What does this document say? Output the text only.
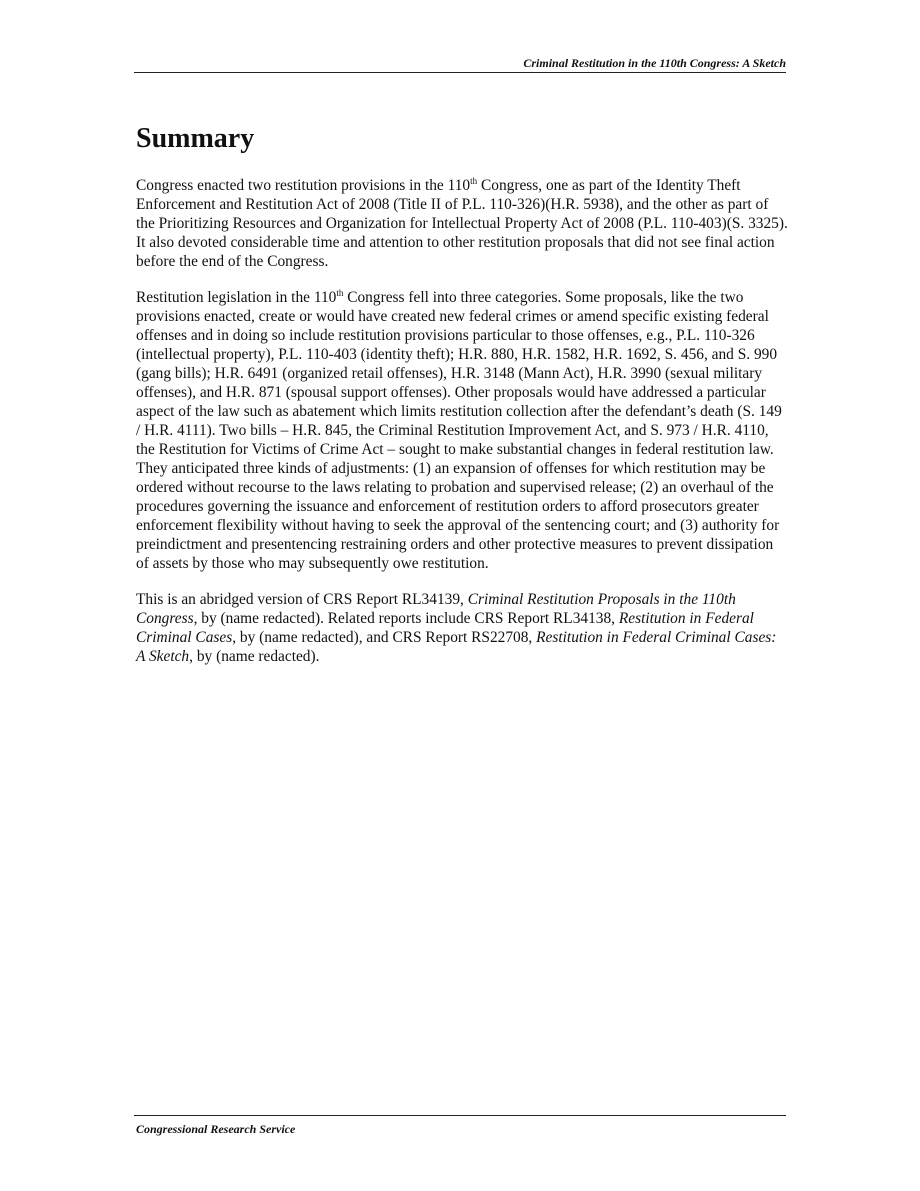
Criminal Restitution in the 110th Congress: A Sketch
Summary

Congress enacted two restitution provisions in the 110th Congress, one as part of the Identity Theft Enforcement and Restitution Act of 2008 (Title II of P.L. 110-326)(H.R. 5938), and the other as part of the Prioritizing Resources and Organization for Intellectual Property Act of 2008 (P.L. 110-403)(S. 3325). It also devoted considerable time and attention to other restitution proposals that did not see final action before the end of the Congress.

Restitution legislation in the 110th Congress fell into three categories. Some proposals, like the two provisions enacted, create or would have created new federal crimes or amend specific existing federal offenses and in doing so include restitution provisions particular to those offenses, e.g., P.L. 110-326 (intellectual property), P.L. 110-403 (identity theft); H.R. 880, H.R. 1582, H.R. 1692, S. 456, and S. 990 (gang bills); H.R. 6491 (organized retail offenses), H.R. 3148 (Mann Act), H.R. 3990 (sexual military offenses), and H.R. 871 (spousal support offenses). Other proposals would have addressed a particular aspect of the law such as abatement which limits restitution collection after the defendant’s death (S. 149 / H.R. 4111). Two bills – H.R. 845, the Criminal Restitution Improvement Act, and S. 973 / H.R. 4110, the Restitution for Victims of Crime Act – sought to make substantial changes in federal restitution law. They anticipated three kinds of adjustments: (1) an expansion of offenses for which restitution may be ordered without recourse to the laws relating to probation and supervised release; (2) an overhaul of the procedures governing the issuance and enforcement of restitution orders to afford prosecutors greater enforcement flexibility without having to seek the approval of the sentencing court; and (3) authority for preindictment and presentencing restraining orders and other protective measures to prevent dissipation of assets by those who may subsequently owe restitution.

This is an abridged version of CRS Report RL34139, Criminal Restitution Proposals in the 110th Congress, by (name redacted). Related reports include CRS Report RL34138, Restitution in Federal Criminal Cases, by (name redacted), and CRS Report RS22708, Restitution in Federal Criminal Cases: A Sketch, by (name redacted).

Congressional Research Service
